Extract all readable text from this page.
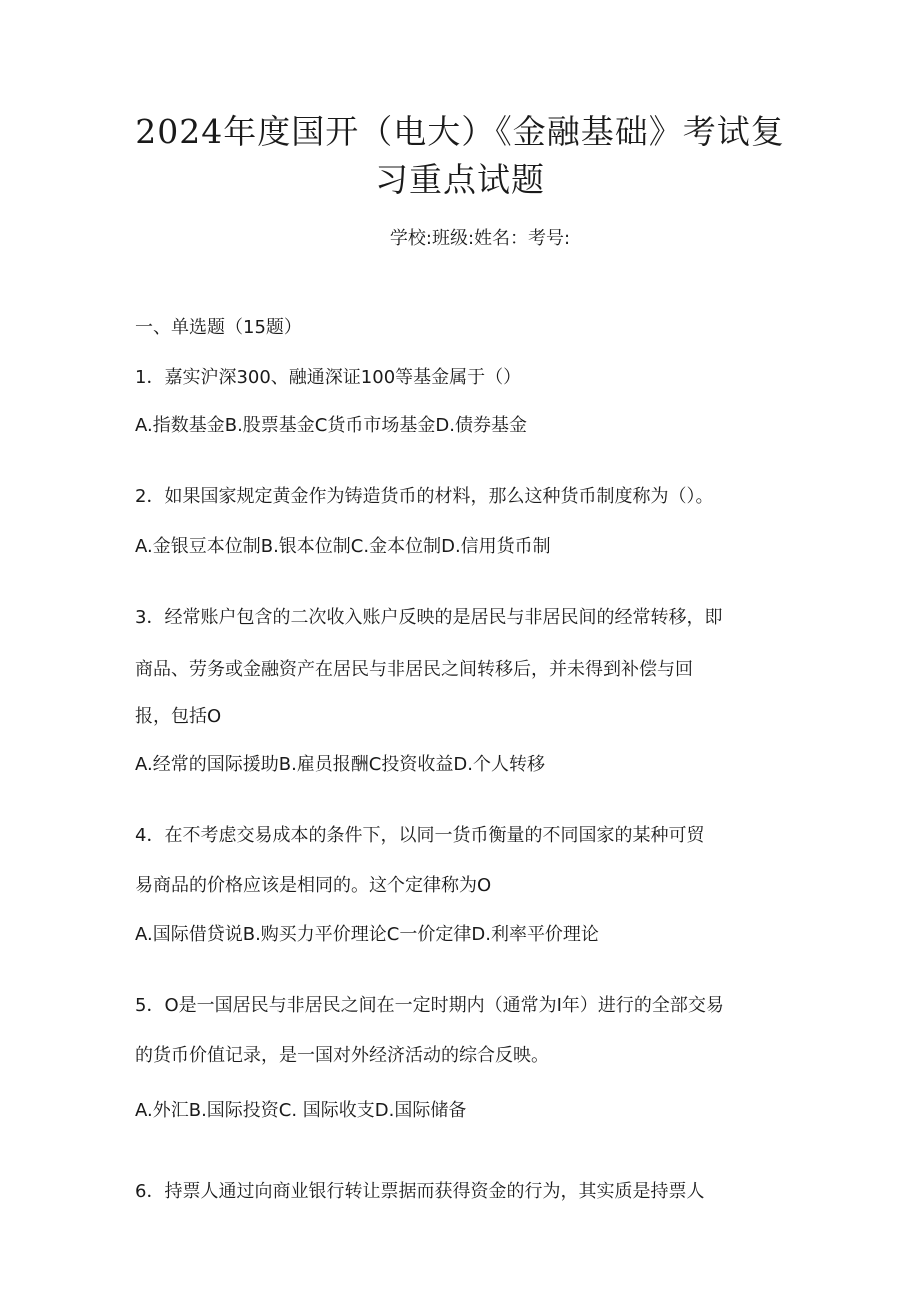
2024年度国开（电大）《金融基础》考试复
习重点试题
学校:班级:姓名：考号:
一、单选题（15题）
1．嘉实沪深300、融通深证100等基金属于（）
A.指数基金B.股票基金C货币市场基金D.债券基金
2．如果国家规定黄金作为铸造货币的材料，那么这种货币制度称为（）。
A.金银豆本位制B.银本位制C.金本位制D.信用货币制
3．经常账户包含的二次收入账户反映的是居民与非居民间的经常转移，即
商品、劳务或金融资产在居民与非居民之间转移后，并未得到补偿与回
报，包括O
A.经常的国际援助B.雇员报酬C投资收益D.个人转移
4．在不考虑交易成本的条件下，以同一货币衡量的不同国家的某种可贸
易商品的价格应该是相同的。这个定律称为O
A.国际借贷说B.购买力平价理论C一价定律D.利率平价理论
5．O是一国居民与非居民之间在一定时期内（通常为I年）进行的全部交易
的货币价值记录，是一国对外经济活动的综合反映。
A.外汇B.国际投资C. 国际收支D.国际储备
6．持票人通过向商业银行转让票据而获得资金的行为，其实质是持票人
